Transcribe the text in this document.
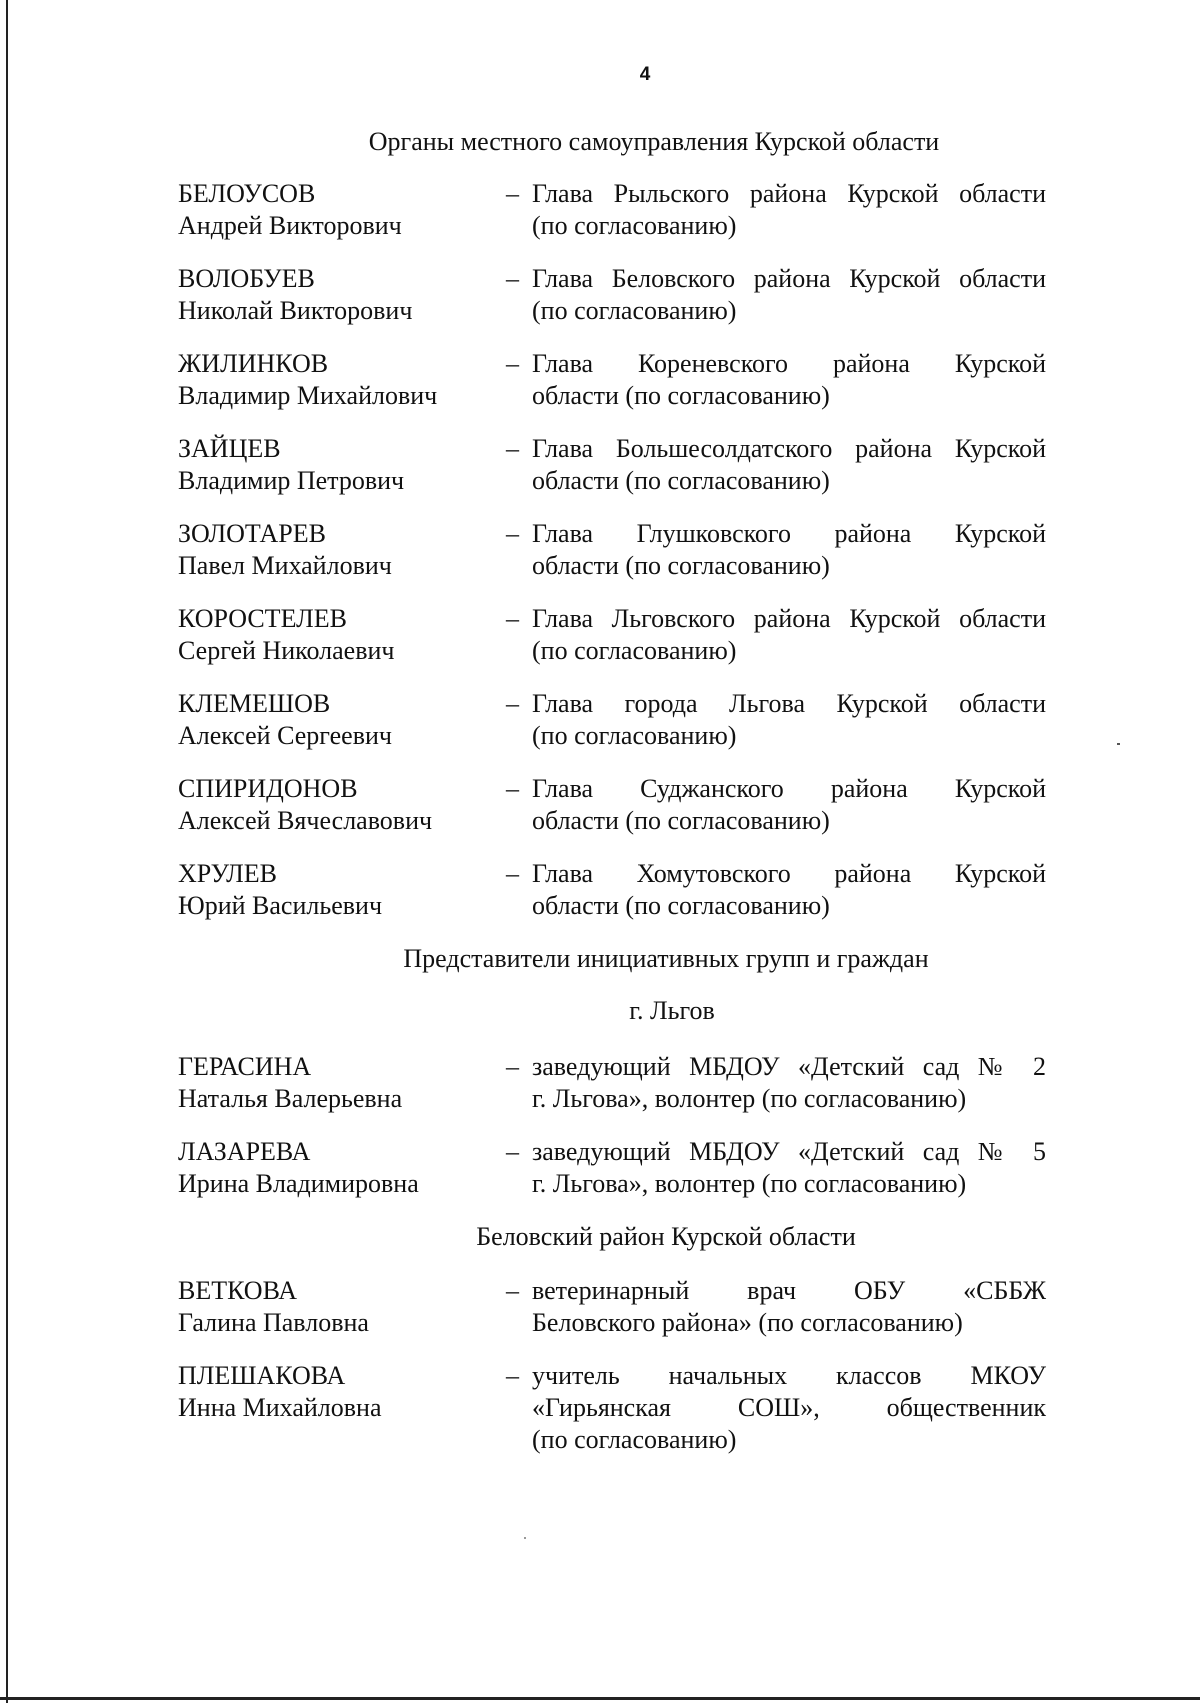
4
Органы местного самоуправления Курской области
БЕЛОУСОВ
Андрей Викторович
– Глава Рыльского района Курской области
(по согласованию)
ВОЛОБУЕВ
Николай Викторович
– Глава Беловского района Курской области
(по согласованию)
ЖИЛИНКОВ
Владимир Михайлович
– Глава Кореневского района Курской
области (по согласованию)
ЗАЙЦЕВ
Владимир Петрович
– Глава Большесолдатского района Курской
области (по согласованию)
ЗОЛОТАРЕВ
Павел Михайлович
– Глава Глушковского района Курской
области (по согласованию)
КОРОСТЕЛЕВ
Сергей Николаевич
– Глава Льговского района Курской области
(по согласованию)
КЛЕМЕШОВ
Алексей Сергеевич
– Глава города Льгова Курской области
(по согласованию)
СПИРИДОНОВ
Алексей Вячеславович
– Глава Суджанского района Курской
области (по согласованию)
ХРУЛЕВ
Юрий Васильевич
– Глава Хомутовского района Курской
области (по согласованию)
Представители инициативных групп и граждан
г. Льгов
ГЕРАСИНА
Наталья Валерьевна
– заведующий МБДОУ «Детский сад № 2
г. Льгова», волонтер (по согласованию)
ЛАЗАРЕВА
Ирина Владимировна
– заведующий МБДОУ «Детский сад № 5
г. Льгова», волонтер (по согласованию)
Беловский район Курской области
ВЕТКОВА
Галина Павловна
– ветеринарный врач ОБУ «СББЖ
Беловского района» (по согласованию)
ПЛЕШАКОВА
Инна Михайловна
– учитель начальных классов МКОУ
«Гирьянская СОШ», общественник
(по согласованию)
